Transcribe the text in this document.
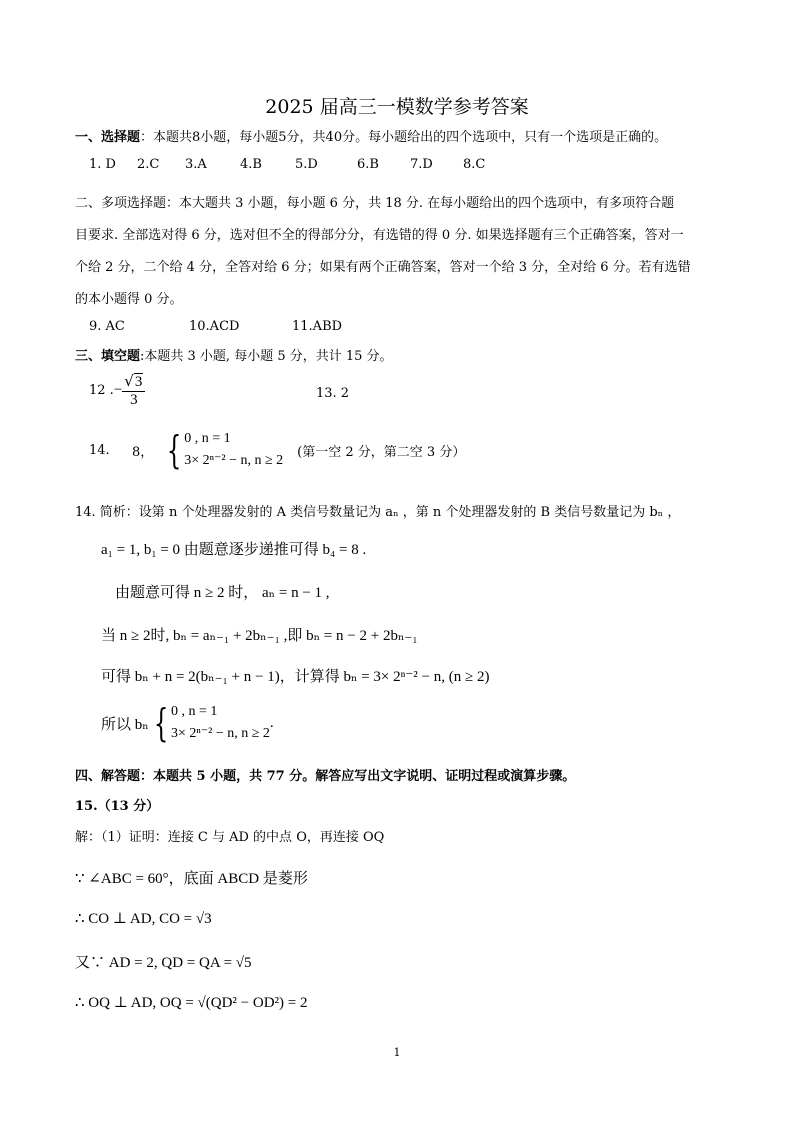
2025 届高三一模数学参考答案
一、选择题：本题共8小题，每小题5分，共40分。每小题给出的四个选项中，只有一个选项是正确的。
1. D 2.C 3.A	4.B	5.D	6.B 7.D 8.C
二、多项选择题：本大题共 3 小题，每小题 6 分，共 18 分. 在每小题给出的四个选项中，有多项符合题
目要求. 全部选对得 6 分，选对但不全的得部分分，有选错的得 0 分. 如果选择题有三个正确答案，答对一
个给 2 分，二个给 4 分，全答对给 6 分；如果有两个正确答案，答对一个给 3 分，全对给 6 分。若有选错
的本小题得 0 分。
9. AC	10.ACD	11.ABD
三、填空题:本题共 3 小题, 每小题 5 分，共计 15 分。
12 . − $\frac{√3}{3}$	13. 2
14.	8， { 0 , n = 1
3× 2ⁿ⁻² − n, n ≥ 2
(第一空 2 分，第二空 3 分）
14. 简析：设第 n 个处理器发射的 A 类信号数量记为 aₙ ，第 n 个处理器发射的 B 类信号数量记为 bₙ ，
a₁ = 1, b₁ = 0 由题意逐步递推可得 b₄ = 8 .
由题意可得 n ≥ 2 时， aₙ = n − 1 ,
当 n ≥ 2时, bₙ = aₙ₋₁ + 2bₙ₋₁ ,即 bₙ = n − 2 + 2bₙ₋₁
可得 bₙ + n = 2(bₙ₋₁ + n − 1)，计算得 bₙ = 3× 2ⁿ⁻² − n, (n ≥ 2)
所以 bₙ { 0 , n = 1
3× 2ⁿ⁻² − n, n ≥ 2
.
四、解答题：本题共 5 小题，共 77 分。解答应写出文字说明、证明过程或演算步骤。
15.（13 分）
解：（1）证明：连接 C 与 AD 的中点 O，再连接 OQ
∵ ∠ABC = 60°，底面 ABCD 是菱形
∴ CO ⊥ AD, CO = √3
又∵ AD = 2, QD = QA = √5
∴ OQ ⊥ AD, OQ = √(QD² − OD²) = 2
1
